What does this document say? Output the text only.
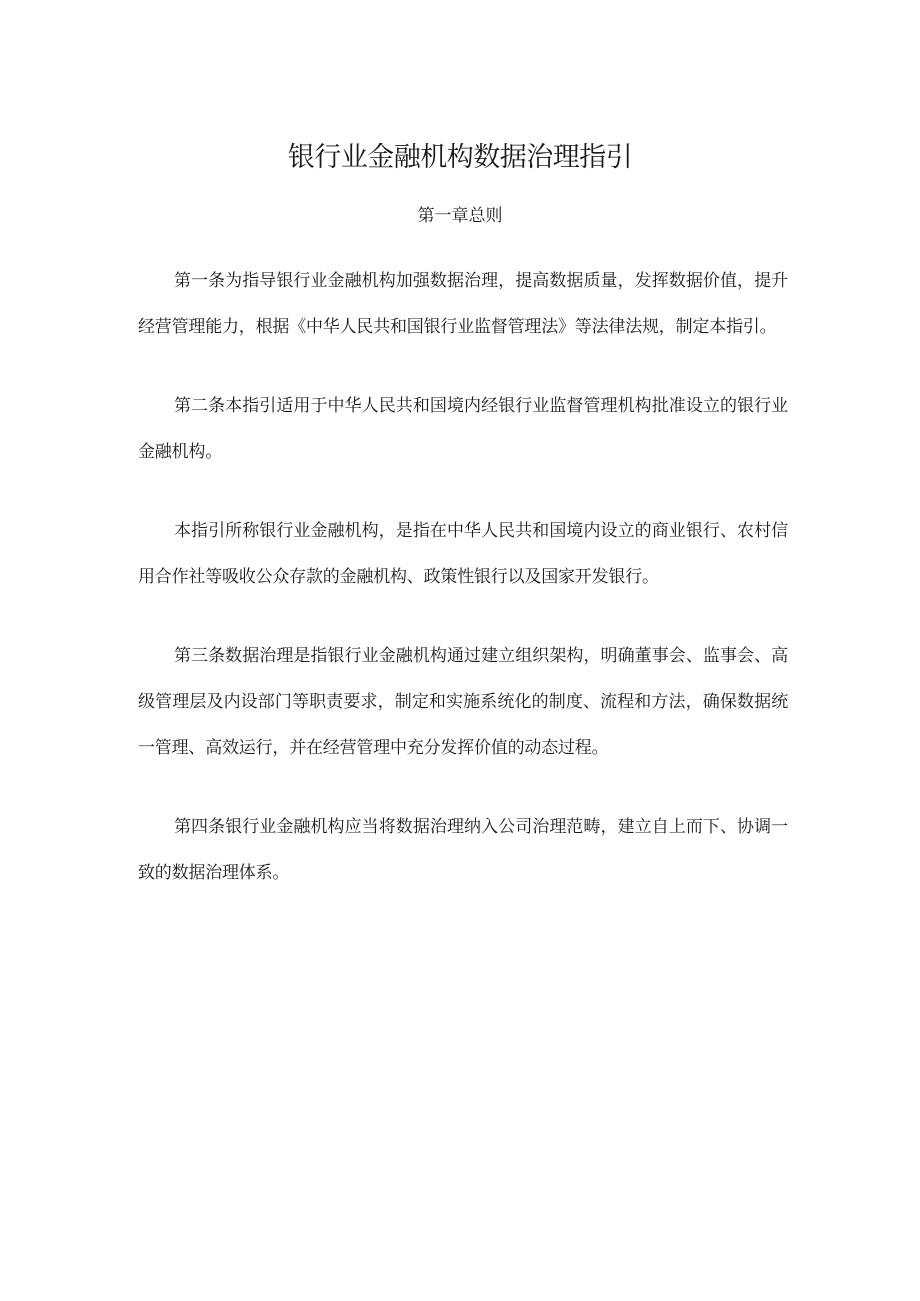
银行业金融机构数据治理指引
第一章总则

第一条为指导银行业金融机构加强数据治理，提高数据质量，发挥数据价值，提升经营管理能力，根据《中华人民共和国银行业监督管理法》等法律法规，制定本指引。

第二条本指引适用于中华人民共和国境内经银行业监督管理机构批准设立的银行业金融机构。

本指引所称银行业金融机构，是指在中华人民共和国境内设立的商业银行、农村信用合作社等吸收公众存款的金融机构、政策性银行以及国家开发银行。

第三条数据治理是指银行业金融机构通过建立组织架构，明确董事会、监事会、高级管理层及内设部门等职责要求，制定和实施系统化的制度、流程和方法，确保数据统一管理、高效运行，并在经营管理中充分发挥价值的动态过程。

第四条银行业金融机构应当将数据治理纳入公司治理范畴，建立自上而下、协调一致的数据治理体系。
